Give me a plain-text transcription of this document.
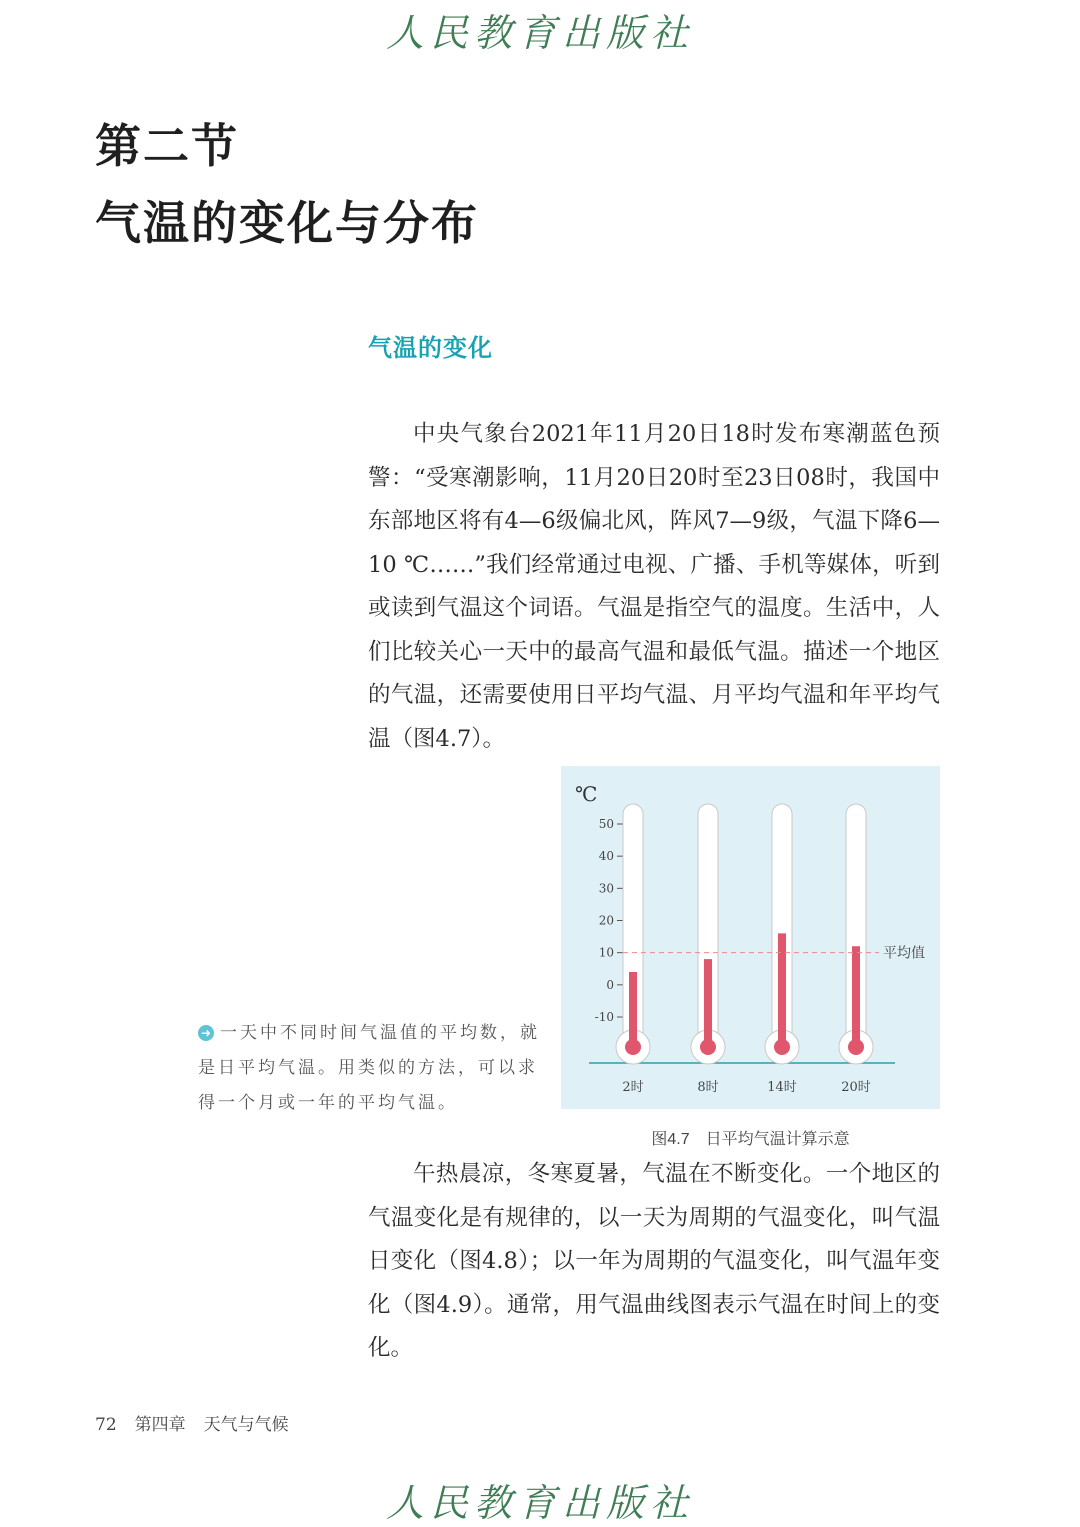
人民教育出版社
第二节
气温的变化与分布
气温的变化
中央气象台2021年11月20日18时发布寒潮蓝色预警：“受寒潮影响，11月20日20时至23日08时，我国中东部地区将有4—6级偏北风，阵风7—9级，气温下降6—10 ℃……”我们经常通过电视、广播、手机等媒体，听到或读到气温这个词语。气温是指空气的温度。生活中，人们比较关心一天中的最高气温和最低气温。描述一个地区的气温，还需要使用日平均气温、月平均气温和年平均气温（图4.7）。
➜ 一天中不同时间气温值的平均数，就是日平均气温。用类似的方法，可以求得一个月或一年的平均气温。
℃
50
40
30
20
10
0
-10
2时	8时	14时	20时
平均值
图4.7　日平均气温计算示意
午热晨凉，冬寒夏暑，气温在不断变化。一个地区的气温变化是有规律的，以一天为周期的气温变化，叫气温日变化（图4.8）；以一年为周期的气温变化，叫气温年变化（图4.9）。通常，用气温曲线图表示气温在时间上的变化。
72 第四章 天气与气候
人民教育出版社
